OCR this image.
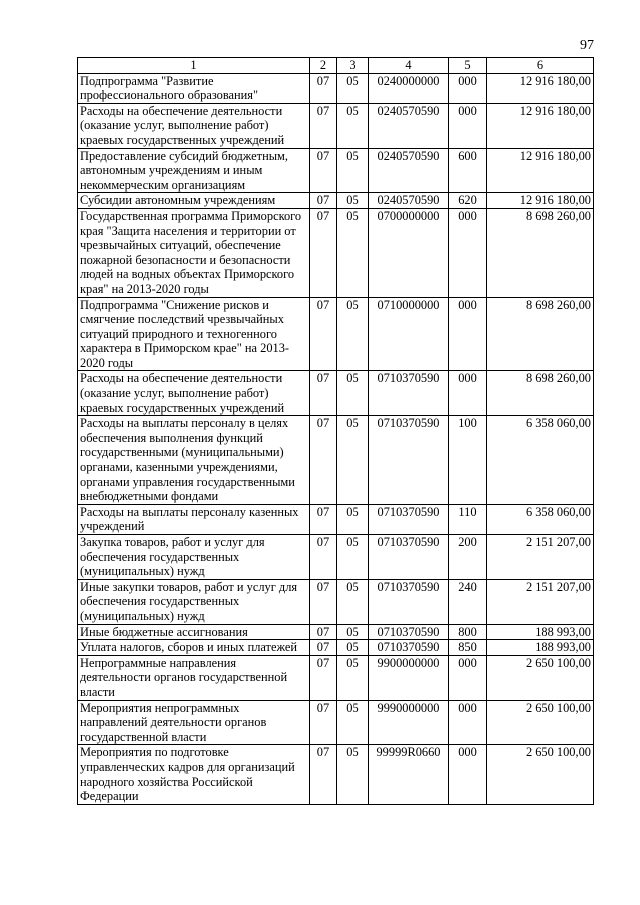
97
1	2	3	4	5	6
Подпрограмма "Развитие профессионального образования"	07	05	0240000000	000	12 916 180,00
Расходы на обеспечение деятельности (оказание услуг, выполнение работ) краевых государственных учреждений	07	05	0240570590	000	12 916 180,00
Предоставление субсидий бюджетным, автономным учреждениям и иным некоммерческим организациям	07	05	0240570590	600	12 916 180,00
Субсидии автономным учреждениям	07	05	0240570590	620	12 916 180,00
Государственная программа Приморского края "Защита населения и территории от чрезвычайных ситуаций, обеспечение пожарной безопасности и безопасности людей на водных объектах Приморского края" на 2013-2020 годы	07	05	0700000000	000	8 698 260,00
Подпрограмма "Снижение рисков и смягчение последствий чрезвычайных ситуаций природного и техногенного характера в Приморском крае" на 2013-2020 годы	07	05	0710000000	000	8 698 260,00
Расходы на обеспечение деятельности (оказание услуг, выполнение работ) краевых государственных учреждений	07	05	0710370590	000	8 698 260,00
Расходы на выплаты персоналу в целях обеспечения выполнения функций государственными (муниципальными) органами, казенными учреждениями, органами управления государственными внебюджетными фондами	07	05	0710370590	100	6 358 060,00
Расходы на выплаты персоналу казенных учреждений	07	05	0710370590	110	6 358 060,00
Закупка товаров, работ и услуг для обеспечения государственных (муниципальных) нужд	07	05	0710370590	200	2 151 207,00
Иные закупки товаров, работ и услуг для обеспечения государственных (муниципальных) нужд	07	05	0710370590	240	2 151 207,00
Иные бюджетные ассигнования	07	05	0710370590	800	188 993,00
Уплата налогов, сборов и иных платежей	07	05	0710370590	850	188 993,00
Непрограммные направления деятельности органов государственной власти	07	05	9900000000	000	2 650 100,00
Мероприятия непрограммных направлений деятельности органов государственной власти	07	05	9990000000	000	2 650 100,00
Мероприятия по подготовке управленческих кадров для организаций народного хозяйства Российской Федерации	07	05	99999R0660	000	2 650 100,00
